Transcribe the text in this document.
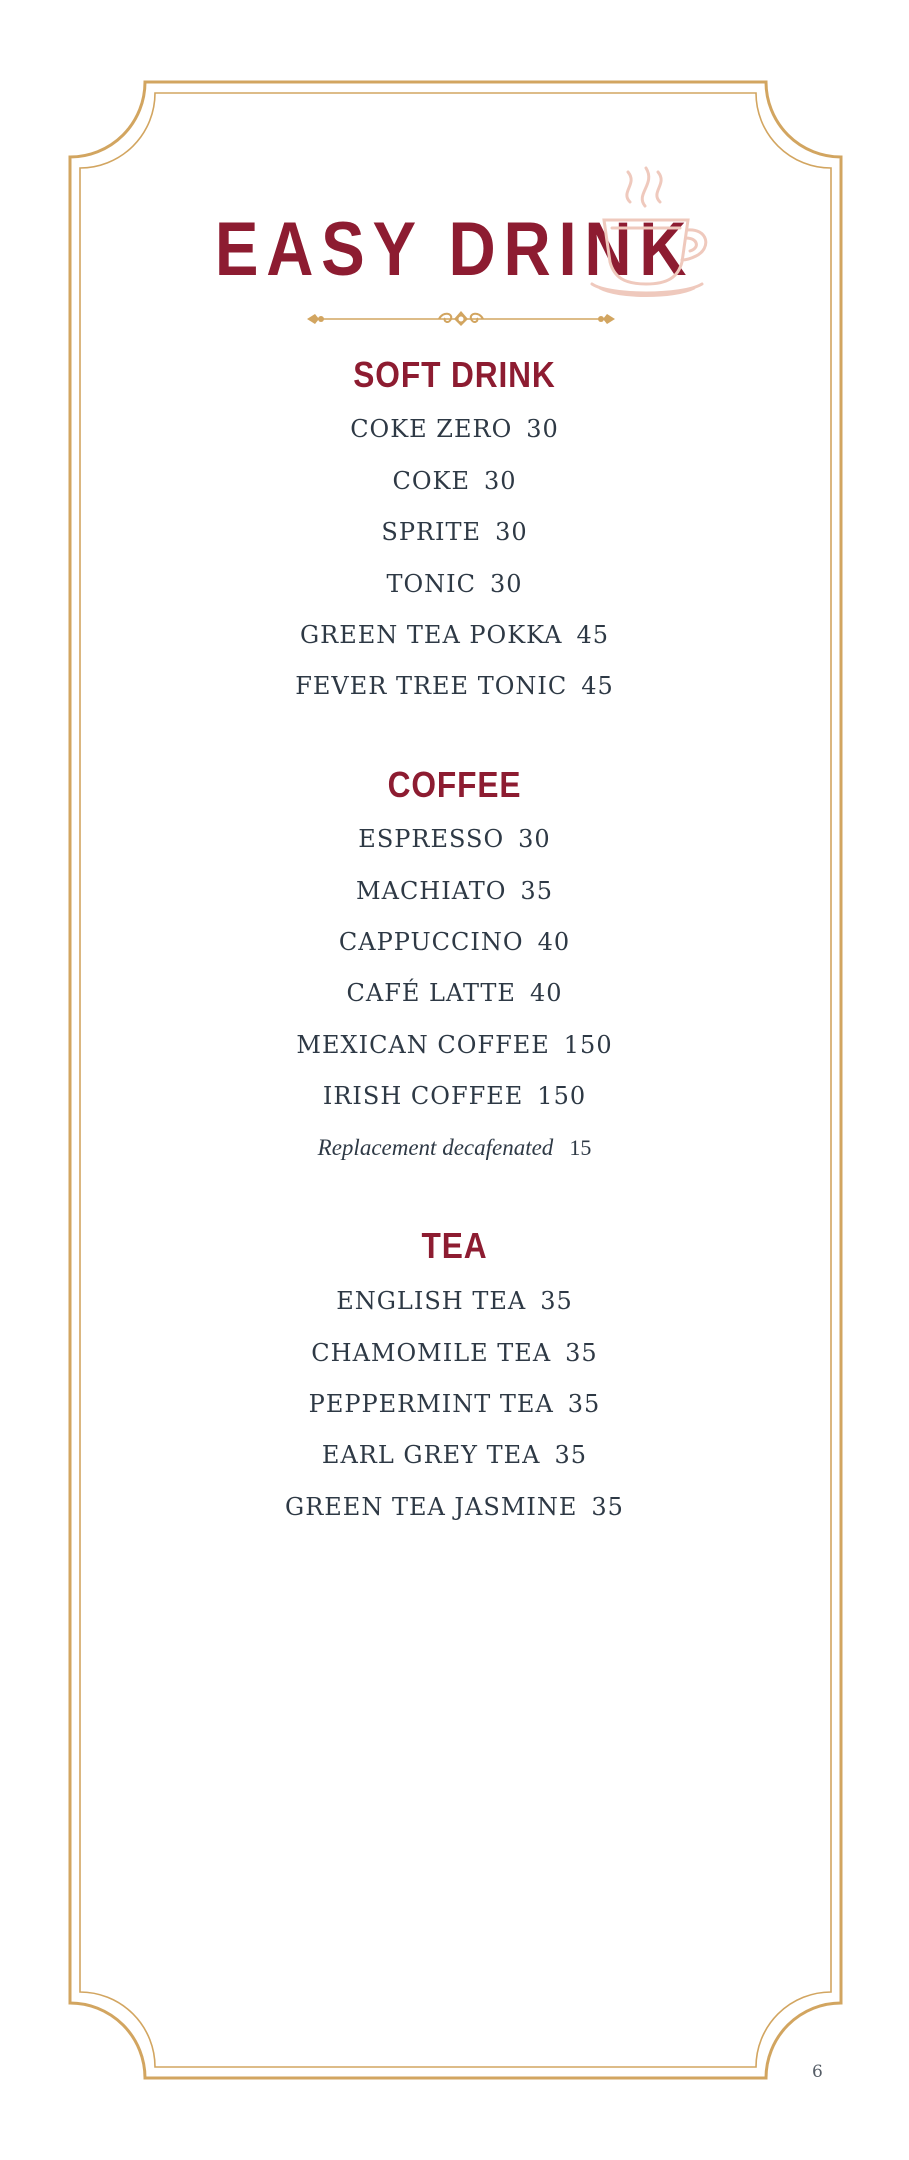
EASY DRINK
SOFT DRINK
COKE ZERO 30
COKE 30
SPRITE 30
TONIC 30
GREEN TEA POKKA 45
FEVER TREE TONIC 45
COFFEE
ESPRESSO 30
MACHIATO 35
CAPPUCCINO 40
CAFÉ LATTE 40
MEXICAN COFFEE 150
IRISH COFFEE 150
Replacement decafenated 15
TEA
ENGLISH TEA 35
CHAMOMILE TEA 35
PEPPERMINT TEA 35
EARL GREY TEA 35
GREEN TEA JASMINE 35
6
